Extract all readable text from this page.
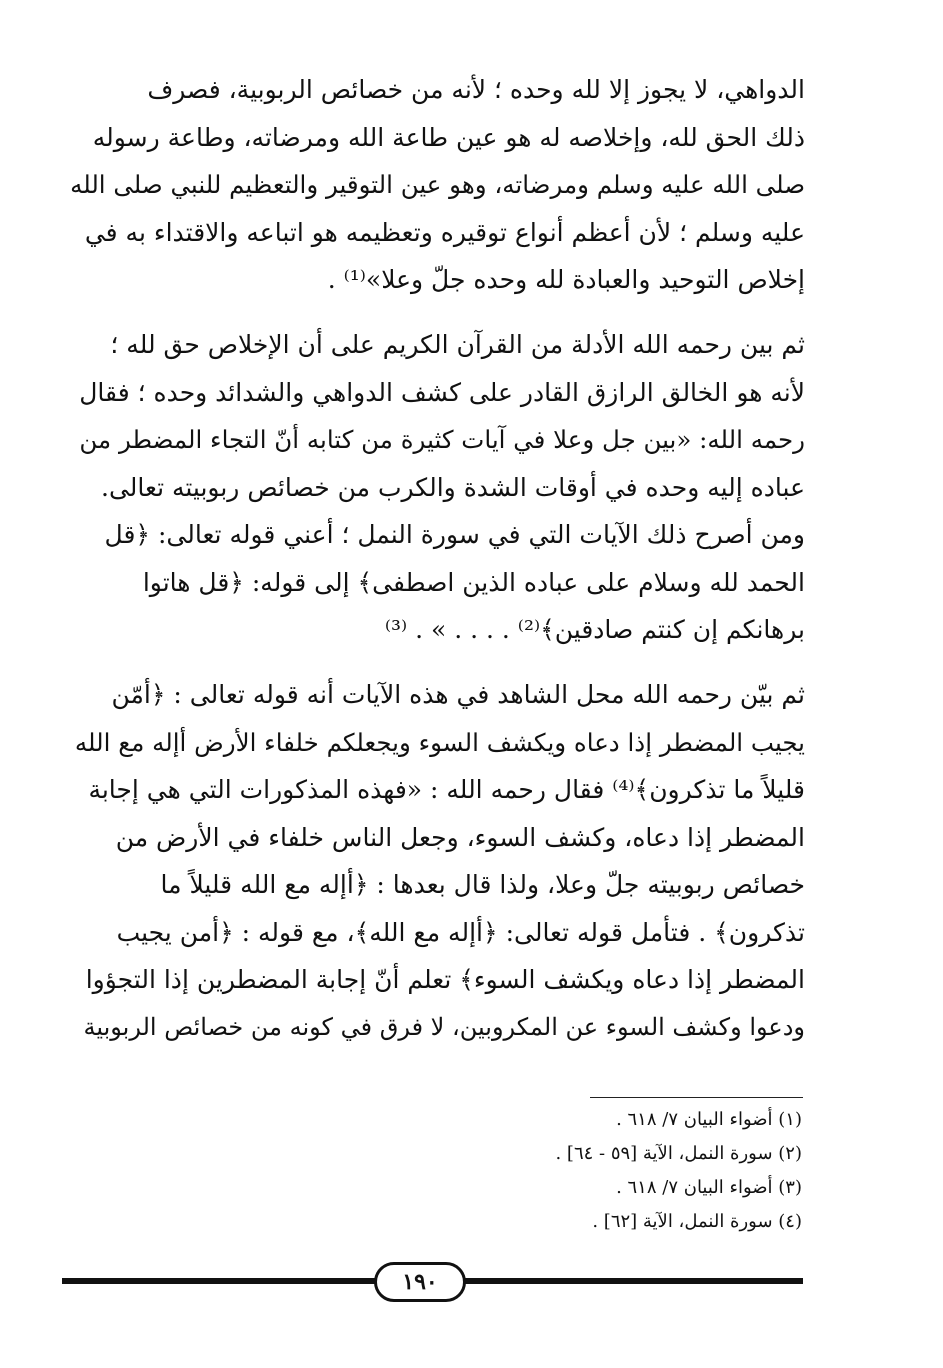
الدواهي، لا يجوز إلا لله وحده ؛ لأنه من خصائص الربوبية، فصرف
ذلك الحق لله، وإخلاصه له هو عين طاعة الله ومرضاته، وطاعة رسوله
صلى الله عليه وسلم ومرضاته، وهو عين التوقير والتعظيم للنبي صلى الله
عليه وسلم ؛ لأن أعظم أنواع توقيره وتعظيمه هو اتباعه والاقتداء به في
إخلاص التوحيد والعبادة لله وحده جلّ وعلا»⁽¹⁾ .
ثم بين رحمه الله الأدلة من القرآن الكريم على أن الإخلاص حق لله ؛
لأنه هو الخالق الرازق القادر على كشف الدواهي والشدائد وحده ؛ فقال
رحمه الله: «بين جل وعلا في آيات كثيرة من كتابه أنّ التجاء المضطر من
عباده إليه وحده في أوقات الشدة والكرب من خصائص ربوبيته تعالى.
ومن أصرح ذلك الآيات التي في سورة النمل ؛ أعني قوله تعالى: ﴿قل
الحمد لله وسلام على عباده الذين اصطفى﴾ إلى قوله: ﴿قل هاتوا
برهانكم إن كنتم صادقين﴾⁽²⁾ . . . . » . ⁽³⁾
ثم بيّن رحمه الله محل الشاهد في هذه الآيات أنه قوله تعالى : ﴿أمّن
يجيب المضطر إذا دعاه ويكشف السوء ويجعلكم خلفاء الأرض أإله مع الله
قليلاً ما تذكرون﴾⁽⁴⁾ فقال رحمه الله : «فهذه المذكورات التي هي إجابة
المضطر إذا دعاه، وكشف السوء، وجعل الناس خلفاء في الأرض من
خصائص ربوبيته جلّ وعلا، ولذا قال بعدها : ﴿أإله مع الله قليلاً ما
تذكرون﴾ . فتأمل قوله تعالى: ﴿أإله مع الله﴾، مع قوله : ﴿أمن يجيب
المضطر إذا دعاه ويكشف السوء﴾ تعلم أنّ إجابة المضطرين إذا التجؤوا
ودعوا وكشف السوء عن المكروبين، لا فرق في كونه من خصائص الربوبية
(١) أضواء البيان ٧/ ٦١٨ .
(٢) سورة النمل، الآية [٥٩ - ٦٤] .
(٣) أضواء البيان ٧/ ٦١٨ .
(٤) سورة النمل، الآية [٦٢] .
١٩٠
